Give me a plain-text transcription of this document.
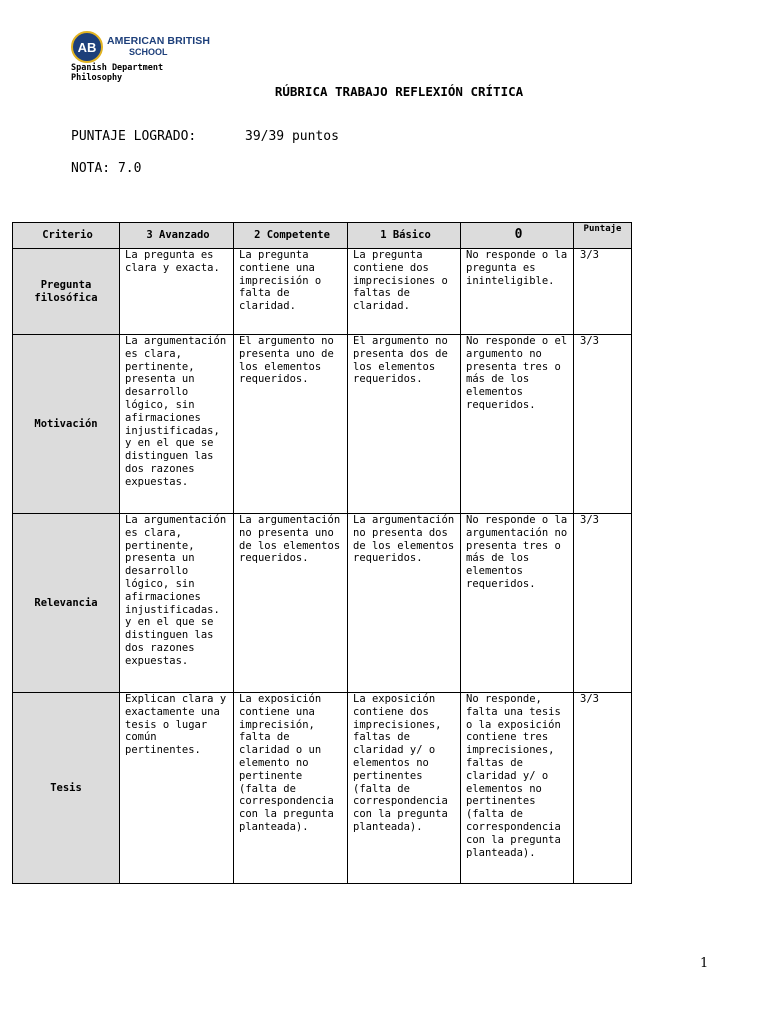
AB	AMERICAN BRITISH
SCHOOL
Spanish Department
Philosophy
RÚBRICA TRABAJO REFLEXIÓN CRÍTICA
PUNTAJE LOGRADO:	39/39 puntos
NOTA: 7.0
Criterio	3 Avanzado	2 Competente	1 Básico	0	Puntaje
Pregunta filosófica	La pregunta es clara y exacta.	La pregunta contiene una imprecisión o falta de claridad.	La pregunta contiene dos imprecisiones o faltas de claridad.	No responde o la pregunta es ininteligible.	3/3
Motivación	La argumentación es clara, pertinente, presenta un desarrollo lógico, sin afirmaciones injustificadas, y en el que se distinguen las dos razones expuestas.	El argumento no presenta uno de los elementos requeridos.	El argumento no presenta dos de los elementos requeridos.	No responde o el argumento no presenta tres o más de los elementos requeridos.	3/3
Relevancia	La argumentación es clara, pertinente, presenta un desarrollo lógico, sin afirmaciones injustificadas. y en el que se distinguen las dos razones expuestas.	La argumentación no presenta uno de los elementos requeridos.	La argumentación no presenta dos de los elementos requeridos.	No responde o la argumentación no presenta tres o más de los elementos requeridos.	3/3
Tesis	Explican clara y exactamente una tesis o lugar común pertinentes.	La exposición contiene una imprecisión, falta de claridad o un elemento no pertinente (falta de correspondencia con la pregunta planteada).	La exposición contiene dos imprecisiones, faltas de claridad y/ o elementos no pertinentes (falta de correspondencia con la pregunta planteada).	No responde, falta una tesis o la exposición contiene tres imprecisiones, faltas de claridad y/ o elementos no pertinentes (falta de correspondencia con la pregunta planteada).	3/3
1
